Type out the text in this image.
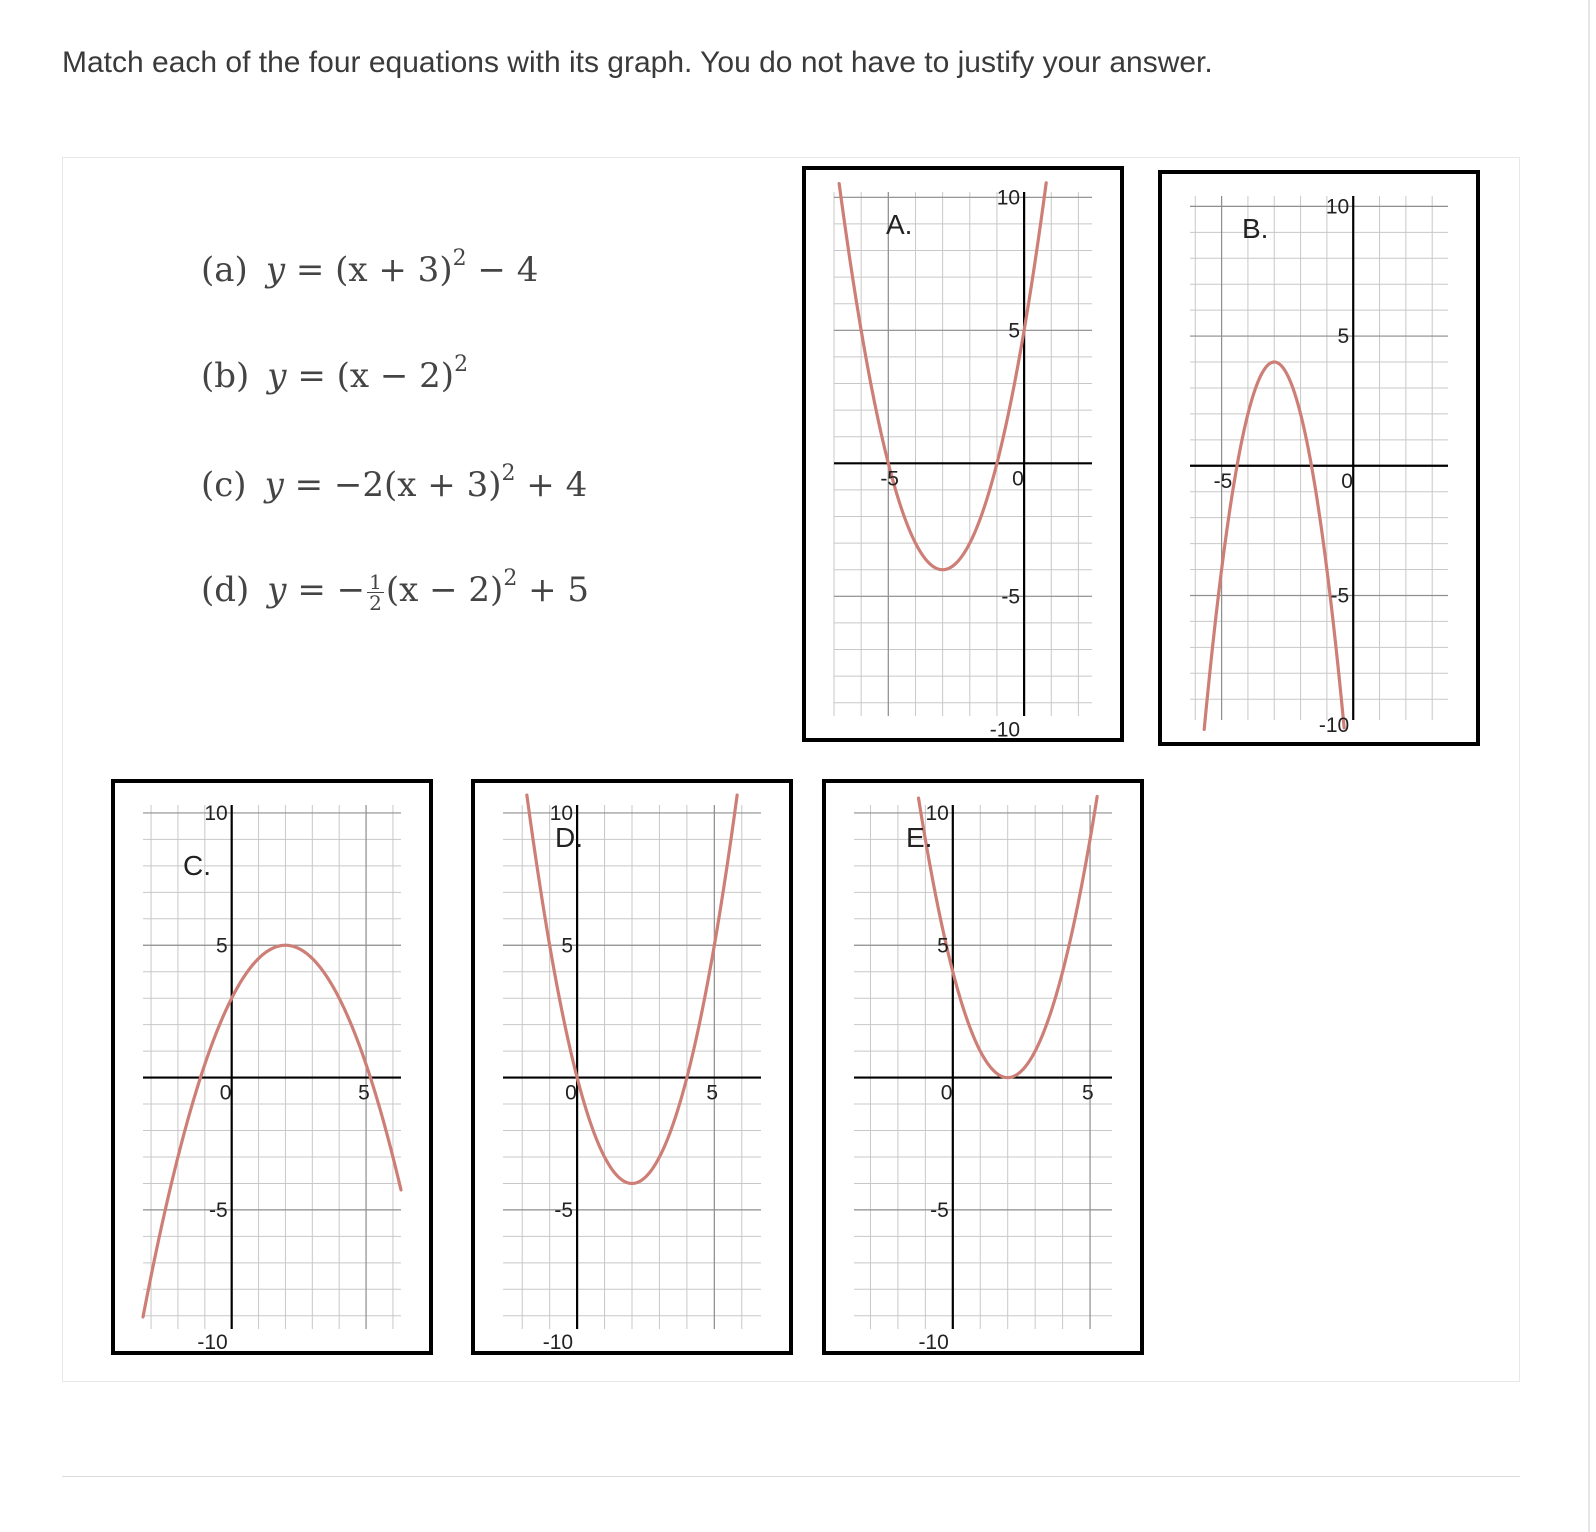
Match each of the four equations with its graph. You do not have to justify your answer.

(a) $y = (x + 3)^2 - 4$
(b) $y = (x - 2)^2$
(c) $y = -2(x + 3)^2 + 4$
(d) y = − $\frac{1}{2} (x - 2)^2 + 5$
-5	0
10
5
-5
-10
A.
-5	0
10
5
-5
-10
B.
0	5
10
5
-5
-10
C.
0	5
10
5
-5
-10
D.
0	5
10
5
-5
-10
E.
